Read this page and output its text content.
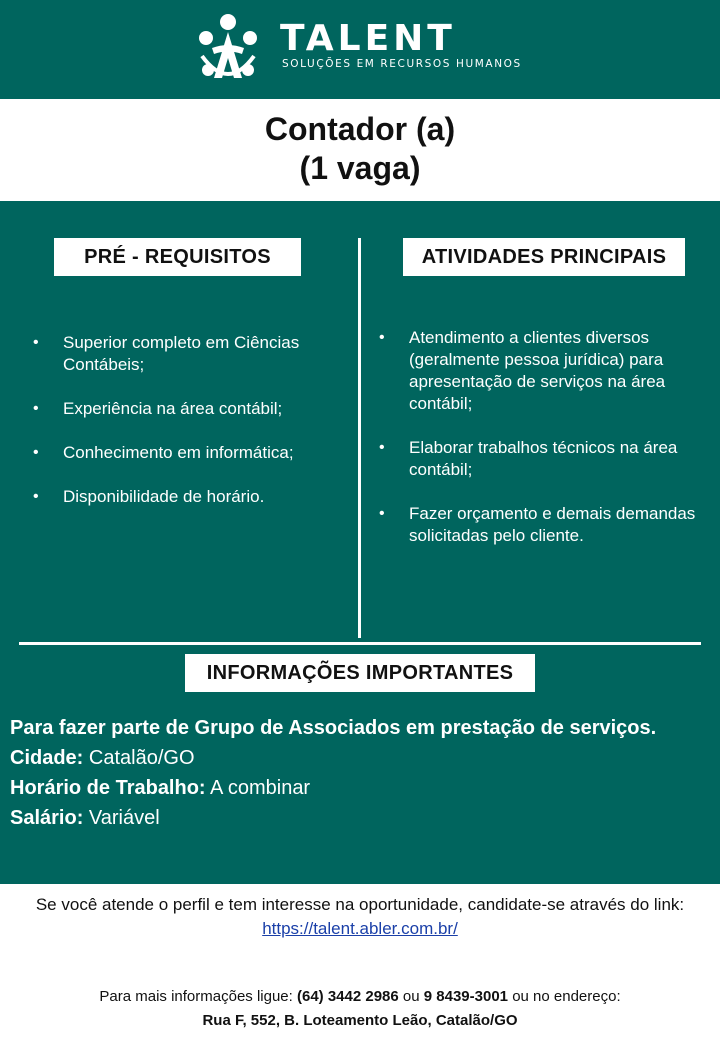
TALENT
SOLUÇÕES EM RECURSOS HUMANOS
Contador (a)
(1 vaga)
PRÉ - REQUISITOS	ATIVIDADES PRINCIPAIS
• Superior completo em Ciências Contábeis;
• Experiência na área contábil;
• Conhecimento em informática;
• Disponibilidade de horário.
• Atendimento a clientes diversos (geralmente pessoa jurídica) para apresentação de serviços na área contábil;
• Elaborar trabalhos técnicos na área contábil;
• Fazer orçamento e demais demandas solicitadas pelo cliente.
INFORMAÇÕES IMPORTANTES
Para fazer parte de Grupo de Associados em prestação de serviços.
Cidade: Catalão/GO
Horário de Trabalho: A combinar
Salário: Variável
Se você atende o perfil e tem interesse na oportunidade, candidate-se através do link: https://talent.abler.com.br/
Para mais informações ligue: (64) 3442 2986 ou 9 8439-3001 ou no endereço:
Rua F, 552, B. Loteamento Leão, Catalão/GO
